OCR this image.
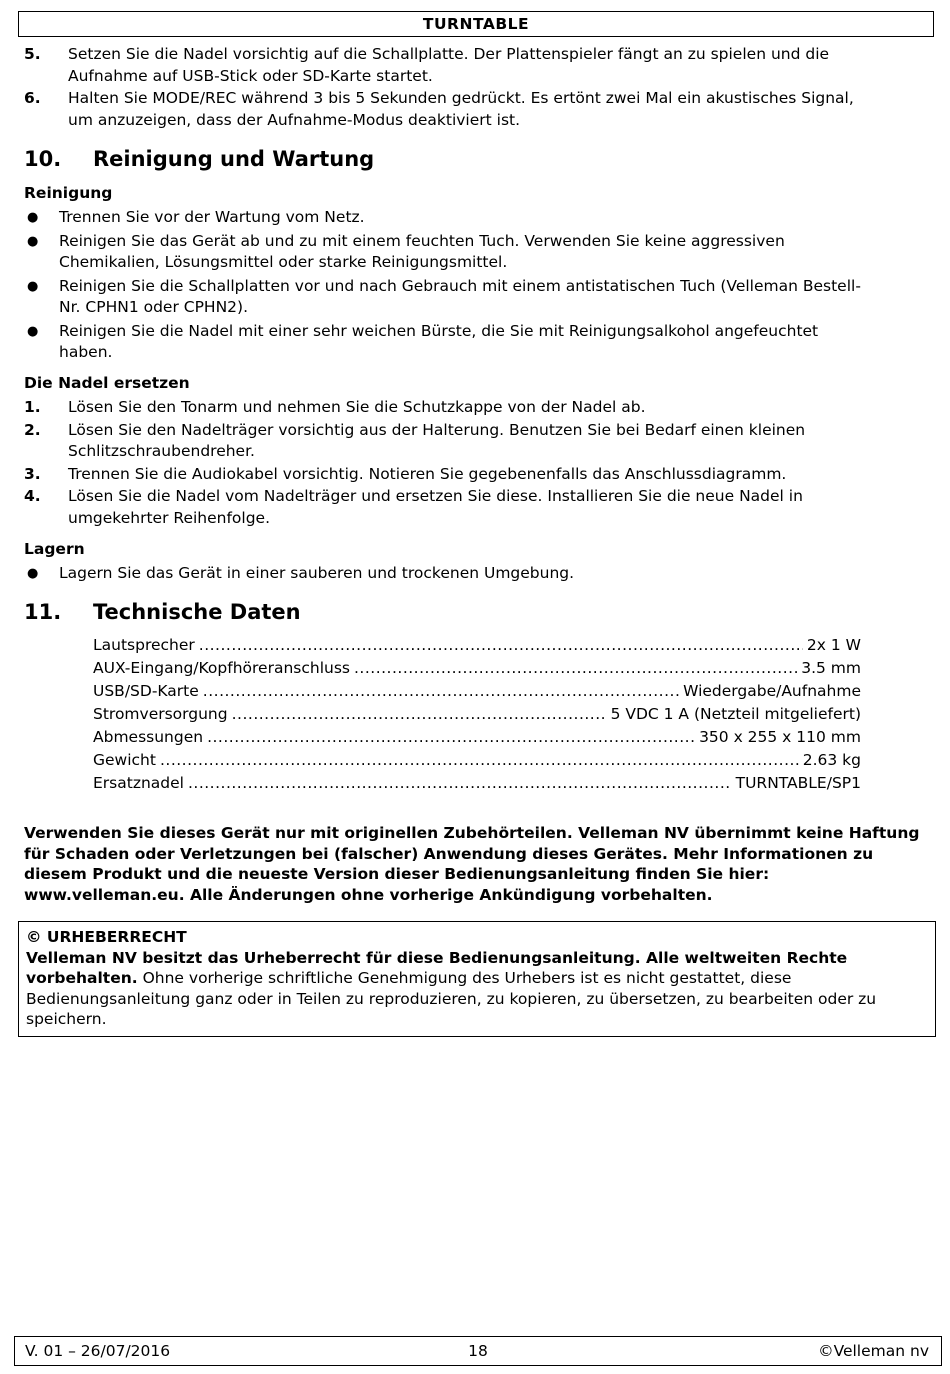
TURNTABLE
5. Setzen Sie die Nadel vorsichtig auf die Schallplatte. Der Plattenspieler fängt an zu spielen und die Aufnahme auf USB-Stick oder SD-Karte startet.
6. Halten Sie MODE/REC während 3 bis 5 Sekunden gedrückt. Es ertönt zwei Mal ein akustisches Signal, um anzuzeigen, dass der Aufnahme-Modus deaktiviert ist.
10. Reinigung und Wartung
Reinigung
● Trennen Sie vor der Wartung vom Netz.
● Reinigen Sie das Gerät ab und zu mit einem feuchten Tuch. Verwenden Sie keine aggressiven Chemikalien, Lösungsmittel oder starke Reinigungsmittel.
● Reinigen Sie die Schallplatten vor und nach Gebrauch mit einem antistatischen Tuch (Velleman Bestell-Nr. CPHN1 oder CPHN2).
● Reinigen Sie die Nadel mit einer sehr weichen Bürste, die Sie mit Reinigungsalkohol angefeuchtet haben.
Die Nadel ersetzen
1. Lösen Sie den Tonarm und nehmen Sie die Schutzkappe von der Nadel ab.
2. Lösen Sie den Nadelträger vorsichtig aus der Halterung. Benutzen Sie bei Bedarf einen kleinen Schlitzschraubendreher.
3. Trennen Sie die Audiokabel vorsichtig. Notieren Sie gegebenenfalls das Anschlussdiagramm.
4. Lösen Sie die Nadel vom Nadelträger und ersetzen Sie diese. Installieren Sie die neue Nadel in umgekehrter Reihenfolge.
Lagern
● Lagern Sie das Gerät in einer sauberen und trockenen Umgebung.
11. Technische Daten
Lautsprecher .....	2x 1 W
AUX-Eingang/Kopfhöreranschluss .....	3.5 mm
USB/SD-Karte .....	Wiedergabe/Aufnahme
Stromversorgung .....	5 VDC 1 A (Netzteil mitgeliefert)
Abmessungen .....	350 x 255 x 110 mm
Gewicht .....	2.63 kg
Ersatznadel .....	TURNTABLE/SP1
Verwenden Sie dieses Gerät nur mit originellen Zubehörteilen. Velleman NV übernimmt keine Haftung für Schaden oder Verletzungen bei (falscher) Anwendung dieses Gerätes. Mehr Informationen zu diesem Produkt und die neueste Version dieser Bedienungsanleitung finden Sie hier: www.velleman.eu. Alle Änderungen ohne vorherige Ankündigung vorbehalten.
© URHEBERRECHT
Velleman NV besitzt das Urheberrecht für diese Bedienungsanleitung. Alle weltweiten Rechte vorbehalten. Ohne vorherige schriftliche Genehmigung des Urhebers ist es nicht gestattet, diese Bedienungsanleitung ganz oder in Teilen zu reproduzieren, zu kopieren, zu übersetzen, zu bearbeiten oder zu speichern.
V. 01 – 26/07/2016	18	©Velleman nv
